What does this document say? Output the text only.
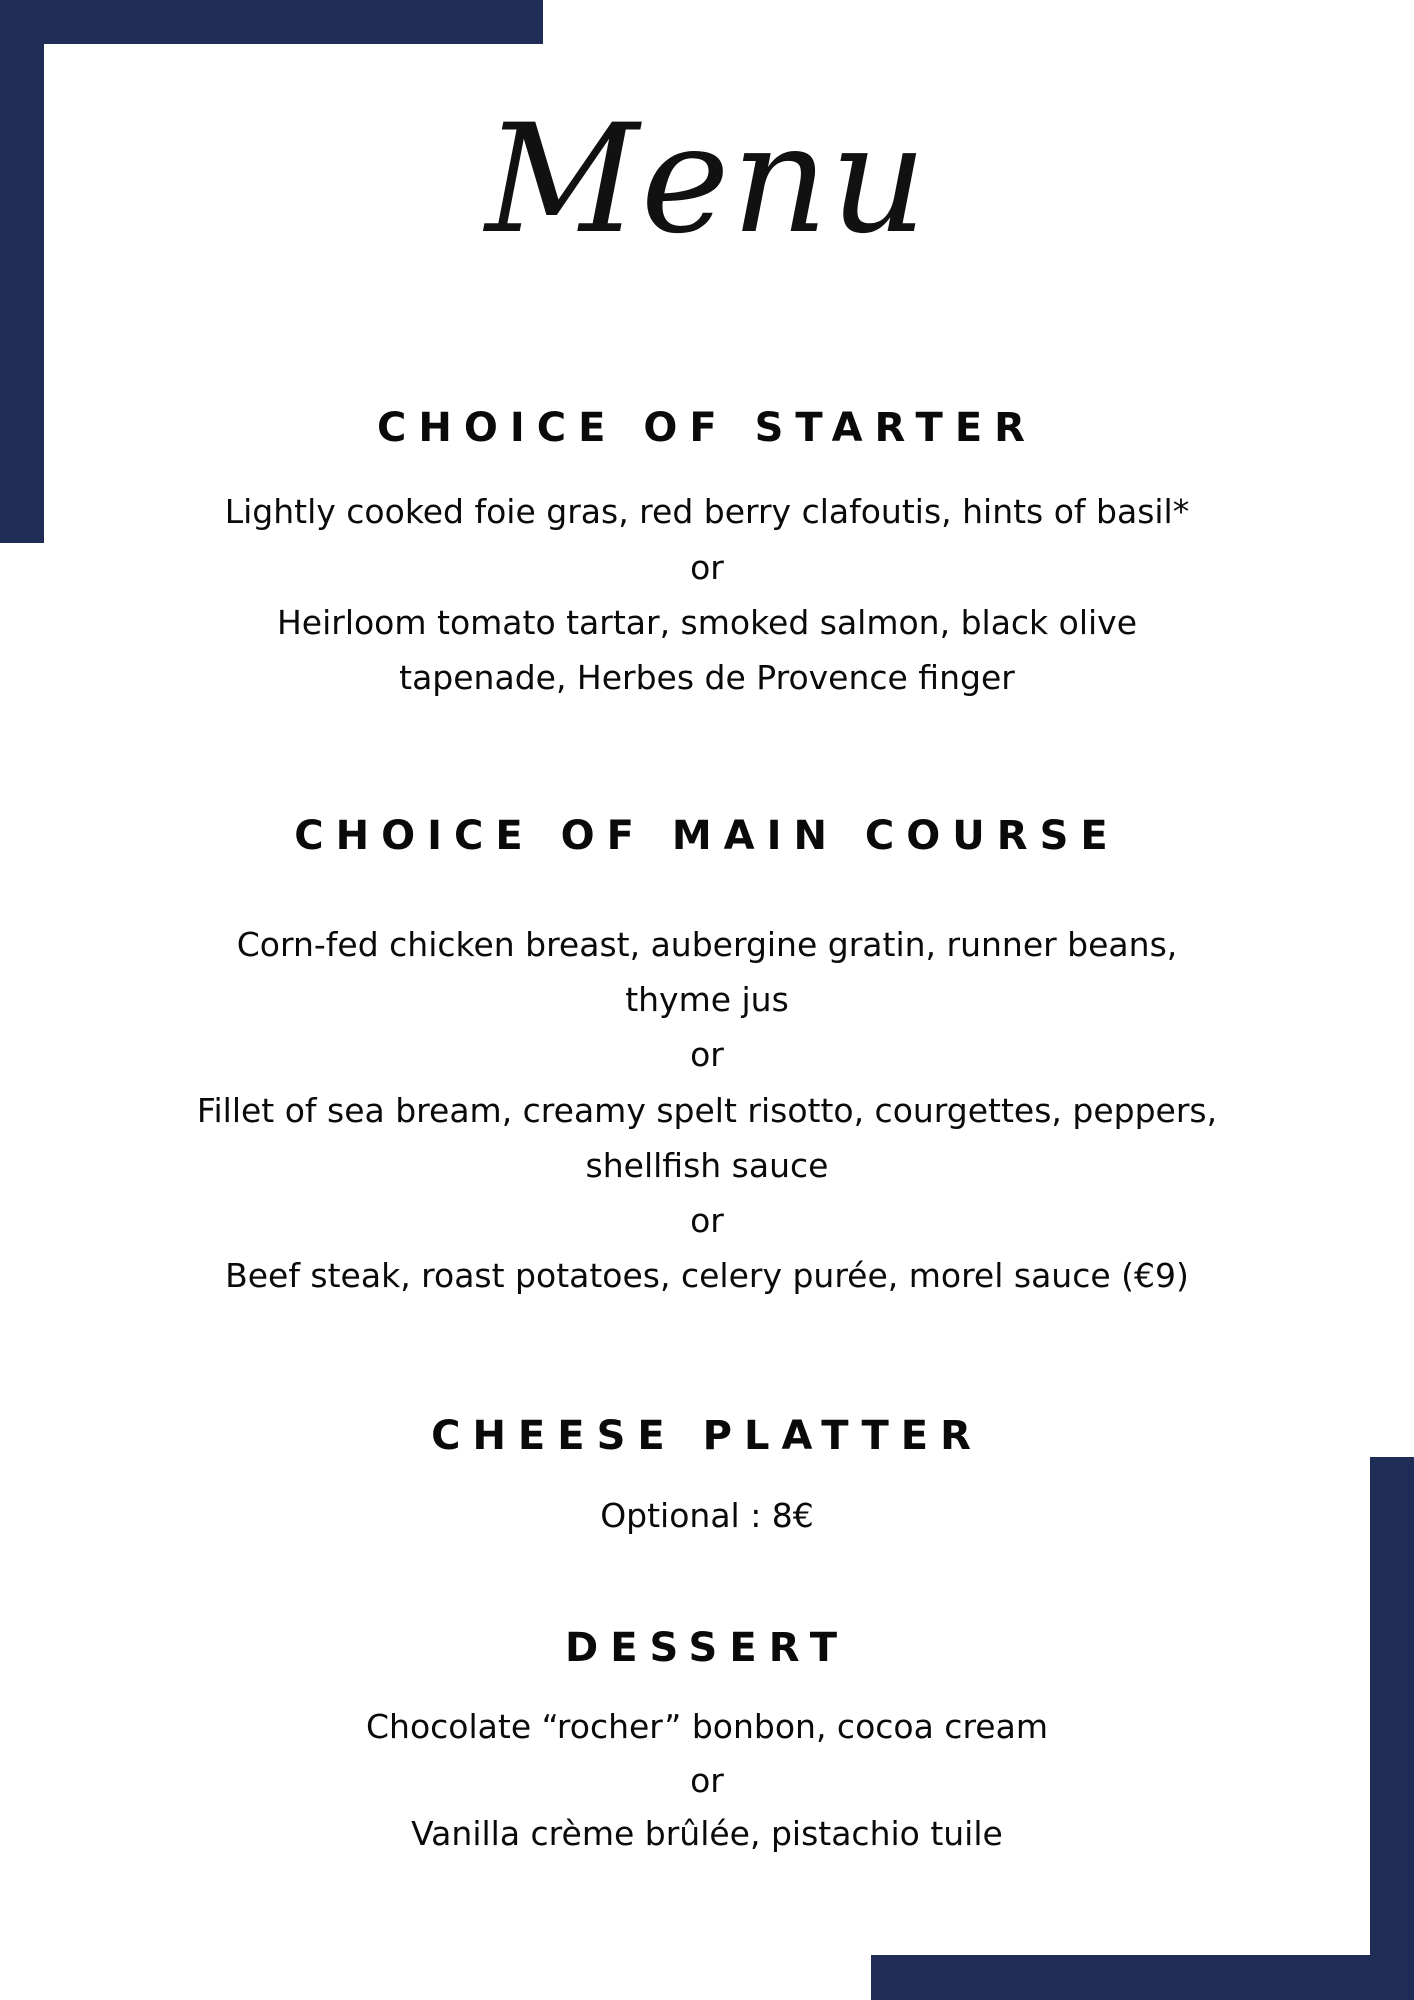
Menu
CHOICE OF STARTER
Lightly cooked foie gras, red berry clafoutis, hints of basil*
or
Heirloom tomato tartar, smoked salmon, black olive
tapenade, Herbes de Provence finger
CHOICE OF MAIN COURSE
Corn-fed chicken breast, aubergine gratin, runner beans,
thyme jus
or
Fillet of sea bream, creamy spelt risotto, courgettes, peppers,
shellfish sauce
or
Beef steak, roast potatoes, celery purée, morel sauce (€9)
CHEESE PLATTER
Optional : 8€
DESSERT
Chocolate “rocher” bonbon, cocoa cream
or
Vanilla crème brûlée, pistachio tuile
